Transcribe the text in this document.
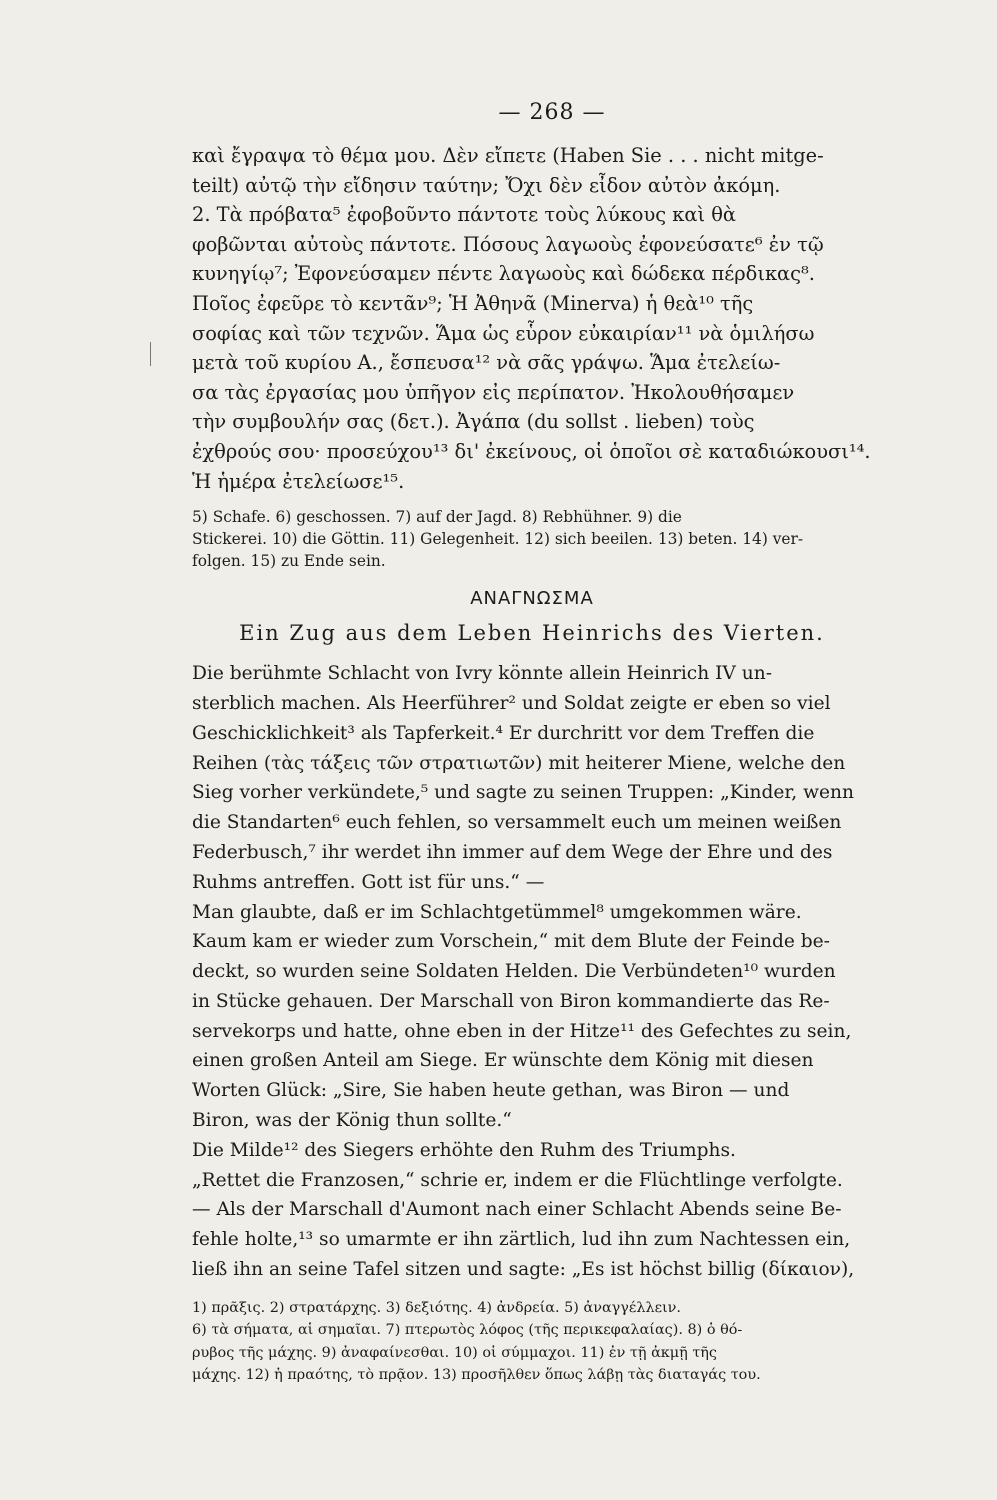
— 268 —

καὶ ἔγραψα τὸ θέμα μου. Δὲν εἴπετε (Haben Sie . . . nicht mitge-
teilt) αὐτῷ τὴν εἴδησιν ταύτην; Ὄχι δὲν εἶδον αὐτὸν ἀκόμη.
2. Τὰ πρόβατα⁵ ἐφοβοῦντο πάντοτε τοὺς λύκους καὶ θὰ
φοβῶνται αὐτοὺς πάντοτε. Πόσους λαγωοὺς ἐφονεύσατε⁶ ἐν τῷ
κυνηγίῳ⁷; Ἐφονεύσαμεν πέντε λαγωοὺς καὶ δώδεκα πέρδικας⁸.
Ποῖος ἐφεῦρε τὸ κεντᾶν⁹; Ἡ Ἀθηνᾶ (Minerva) ἡ θεὰ¹⁰ τῆς
σοφίας καὶ τῶν τεχνῶν. Ἅμα ὡς εὗρον εὐκαιρίαν¹¹ νὰ ὁμιλήσω
μετὰ τοῦ κυρίου Α., ἔσπευσα¹² νὰ σᾶς γράψω. Ἅμα ἐτελείω-
σα τὰς ἐργασίας μου ὑπῆγον εἰς περίπατον. Ἠκολουθήσαμεν
τὴν συμβουλήν σας (δετ.). Ἀγάπα (du sollst . lieben) τοὺς
ἐχθρούς σου· προσεύχου¹³ δι' ἐκείνους, οἱ ὁποῖοι σὲ καταδιώκουσι¹⁴.
Ἡ ἡμέρα ἐτελείωσε¹⁵.

5) Schafe. 6) geschossen. 7) auf der Jagd. 8) Rebhühner. 9) die
Stickerei. 10) die Göttin. 11) Gelegenheit. 12) sich beeilen. 13) beten. 14) ver-
folgen. 15) zu Ende sein.
ΑΝΑΓΝΩΣΜΑ
Ein Zug aus dem Leben Heinrichs des Vierten.
Die berühmte Schlacht von Ivry könnte allein Heinrich IV un-
sterblich machen. Als Heerführer² und Soldat zeigte er eben so viel
Geschicklichkeit³ als Tapferkeit.⁴ Er durchritt vor dem Treffen die
Reihen (τὰς τάξεις τῶν στρατιωτῶν) mit heiterer Miene, welche den
Sieg vorher verkündete,⁵ und sagte zu seinen Truppen: „Kinder, wenn
die Standarten⁶ euch fehlen, so versammelt euch um meinen weißen
Federbusch,⁷ ihr werdet ihn immer auf dem Wege der Ehre und des
Ruhms antreffen. Gott ist für uns.“ —
Man glaubte, daß er im Schlachtgetümmel⁸ umgekommen wäre.
Kaum kam er wieder zum Vorschein,“ mit dem Blute der Feinde be-
deckt, so wurden seine Soldaten Helden. Die Verbündeten¹⁰ wurden
in Stücke gehauen. Der Marschall von Biron kommandierte das Re-
servekorps und hatte, ohne eben in der Hitze¹¹ des Gefechtes zu sein,
einen großen Anteil am Siege. Er wünschte dem König mit diesen
Worten Glück: „Sire, Sie haben heute gethan, was Biron — und
Biron, was der König thun sollte.“
Die Milde¹² des Siegers erhöhte den Ruhm des Triumphs.
„Rettet die Franzosen,“ schrie er, indem er die Flüchtlinge verfolgte.
— Als der Marschall d'Aumont nach einer Schlacht Abends seine Be-
fehle holte,¹³ so umarmte er ihn zärtlich, lud ihn zum Nachtessen ein,
ließ ihn an seine Tafel sitzen und sagte: „Es ist höchst billig (δίκαιον),
1) πρᾶξις. 2) στρατάρχης. 3) δεξιότης. 4) ἀνδρεία. 5) ἀναγγέλλειν.
6) τὰ σήματα, αἱ σημαῖαι. 7) πτερωτὸς λόφος (τῆς περικεφαλαίας). 8) ὁ θό-
ρυβος τῆς μάχης. 9) ἀναφαίνεσθαι. 10) οἱ σύμμαχοι. 11) ἐν τῇ ἀκμῇ τῆς
μάχης. 12) ἡ πραότης, τὸ πρᾷον. 13) προσῆλθεν ὅπως λάβῃ τὰς διαταγάς του.
